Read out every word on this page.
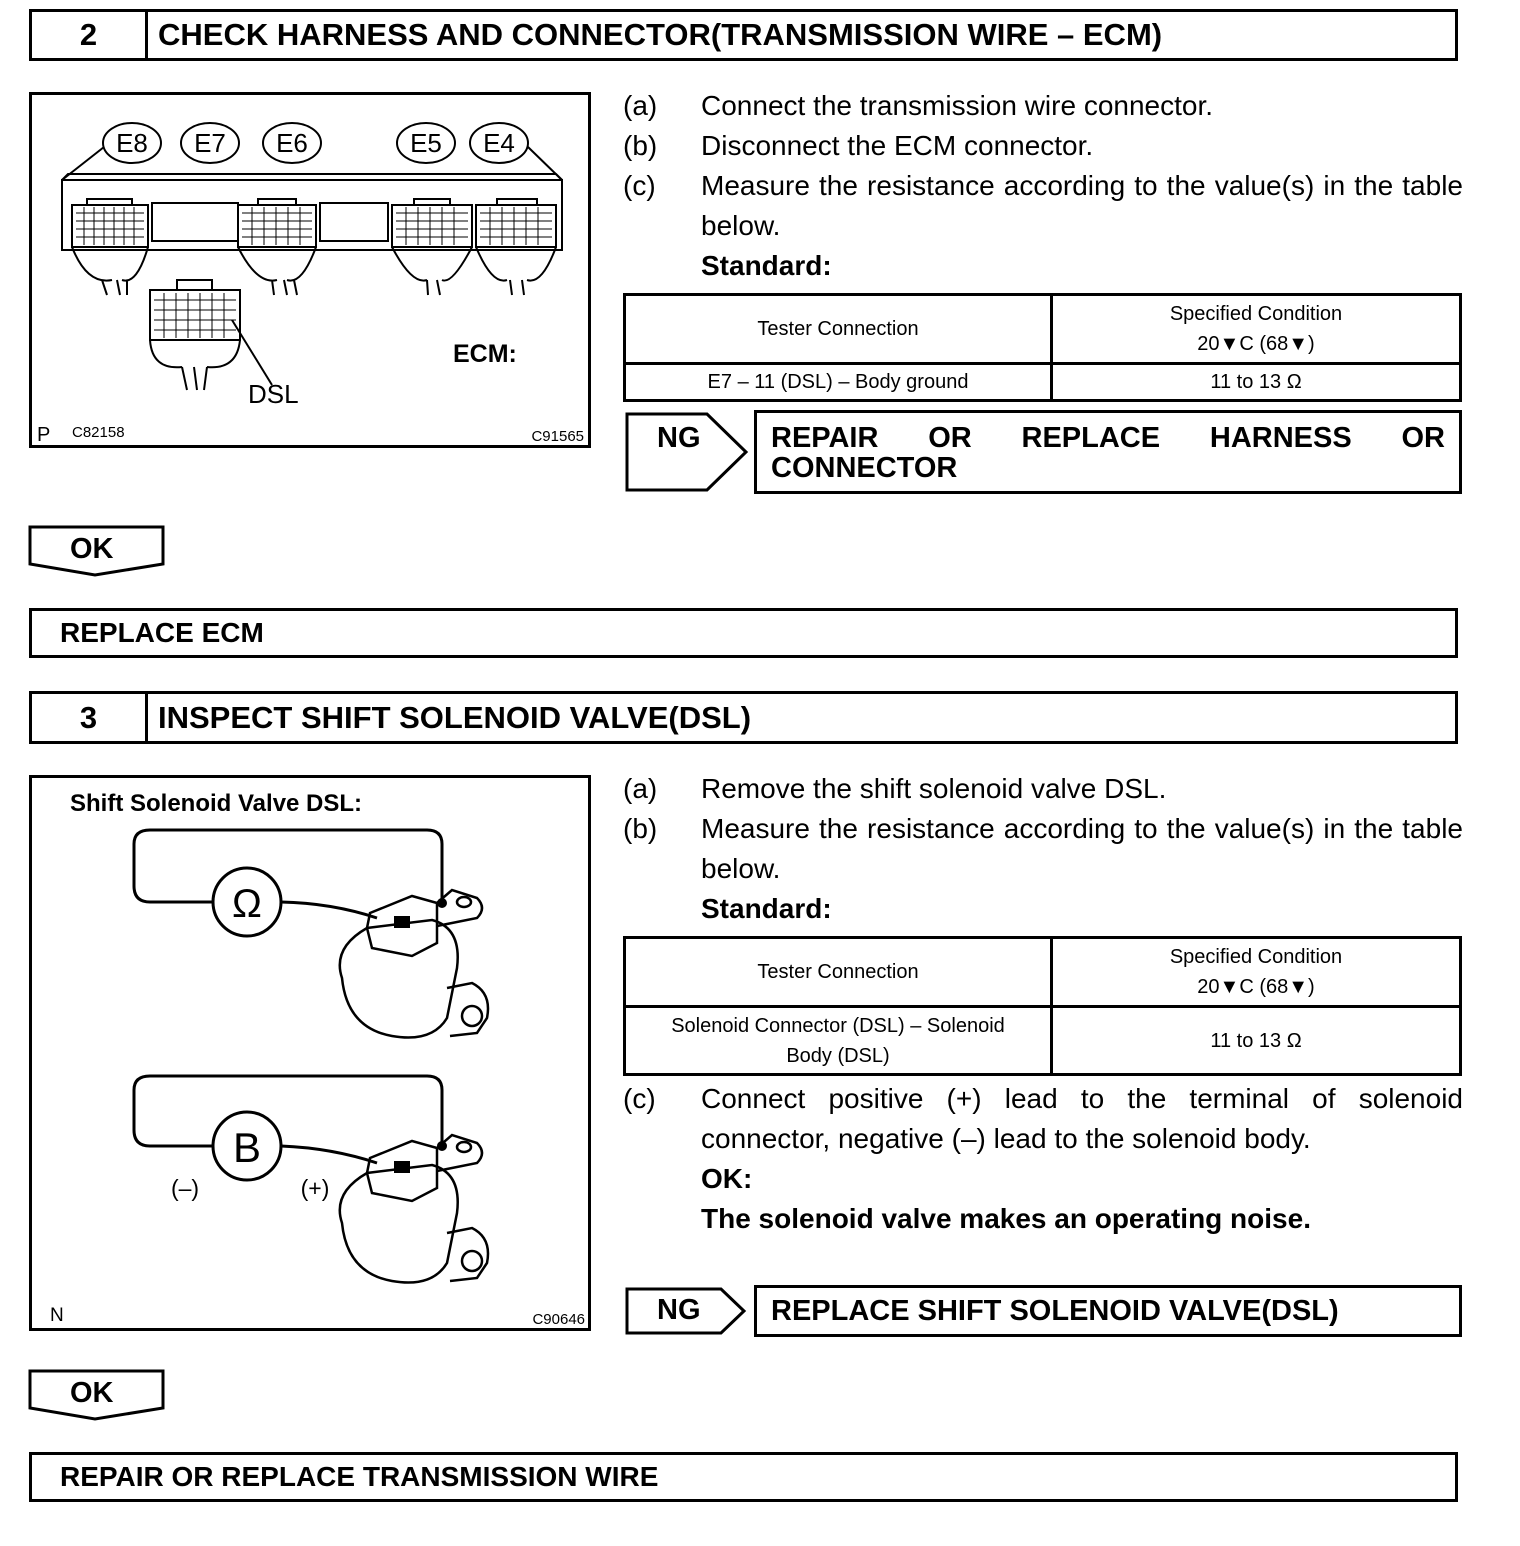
2	CHECK HARNESS AND CONNECTOR(TRANSMISSION WIRE – ECM)
E8 E7 E6	E5 E4
ECM:
DSL
P C82158	C91565
(a)	Connect the transmission wire connector.
(b)	Disconnect the ECM connector.
(c)	Measure the resistance according to the value(s) in the table below.
Standard:
Tester Connection	Specified Condition
20▼C (68▼)

E7 – 11 (DSL) – Body ground	11 to 13 Ω
NG REPAIR OR REPLACE HARNESS OR
CONNECTOR
OK
REPLACE ECM
3	INSPECT SHIFT SOLENOID VALVE(DSL)
Shift Solenoid Valve DSL:
Ω
B
(–)	(+)
N	C90646
(a)	Remove the shift solenoid valve DSL.
(b)	Measure the resistance according to the value(s) in the table below.
Standard:
Tester Connection	Specified Condition
20▼C (68▼)

Solenoid Connector (DSL) – Solenoid Body (DSL)	11 to 13 Ω
(c)	Connect positive (+) lead to the terminal of solenoid connector, negative (–) lead to the solenoid body.
OK:
The solenoid valve makes an operating noise.
NG REPLACE SHIFT SOLENOID VALVE(DSL)
OK
REPAIR OR REPLACE TRANSMISSION WIRE
